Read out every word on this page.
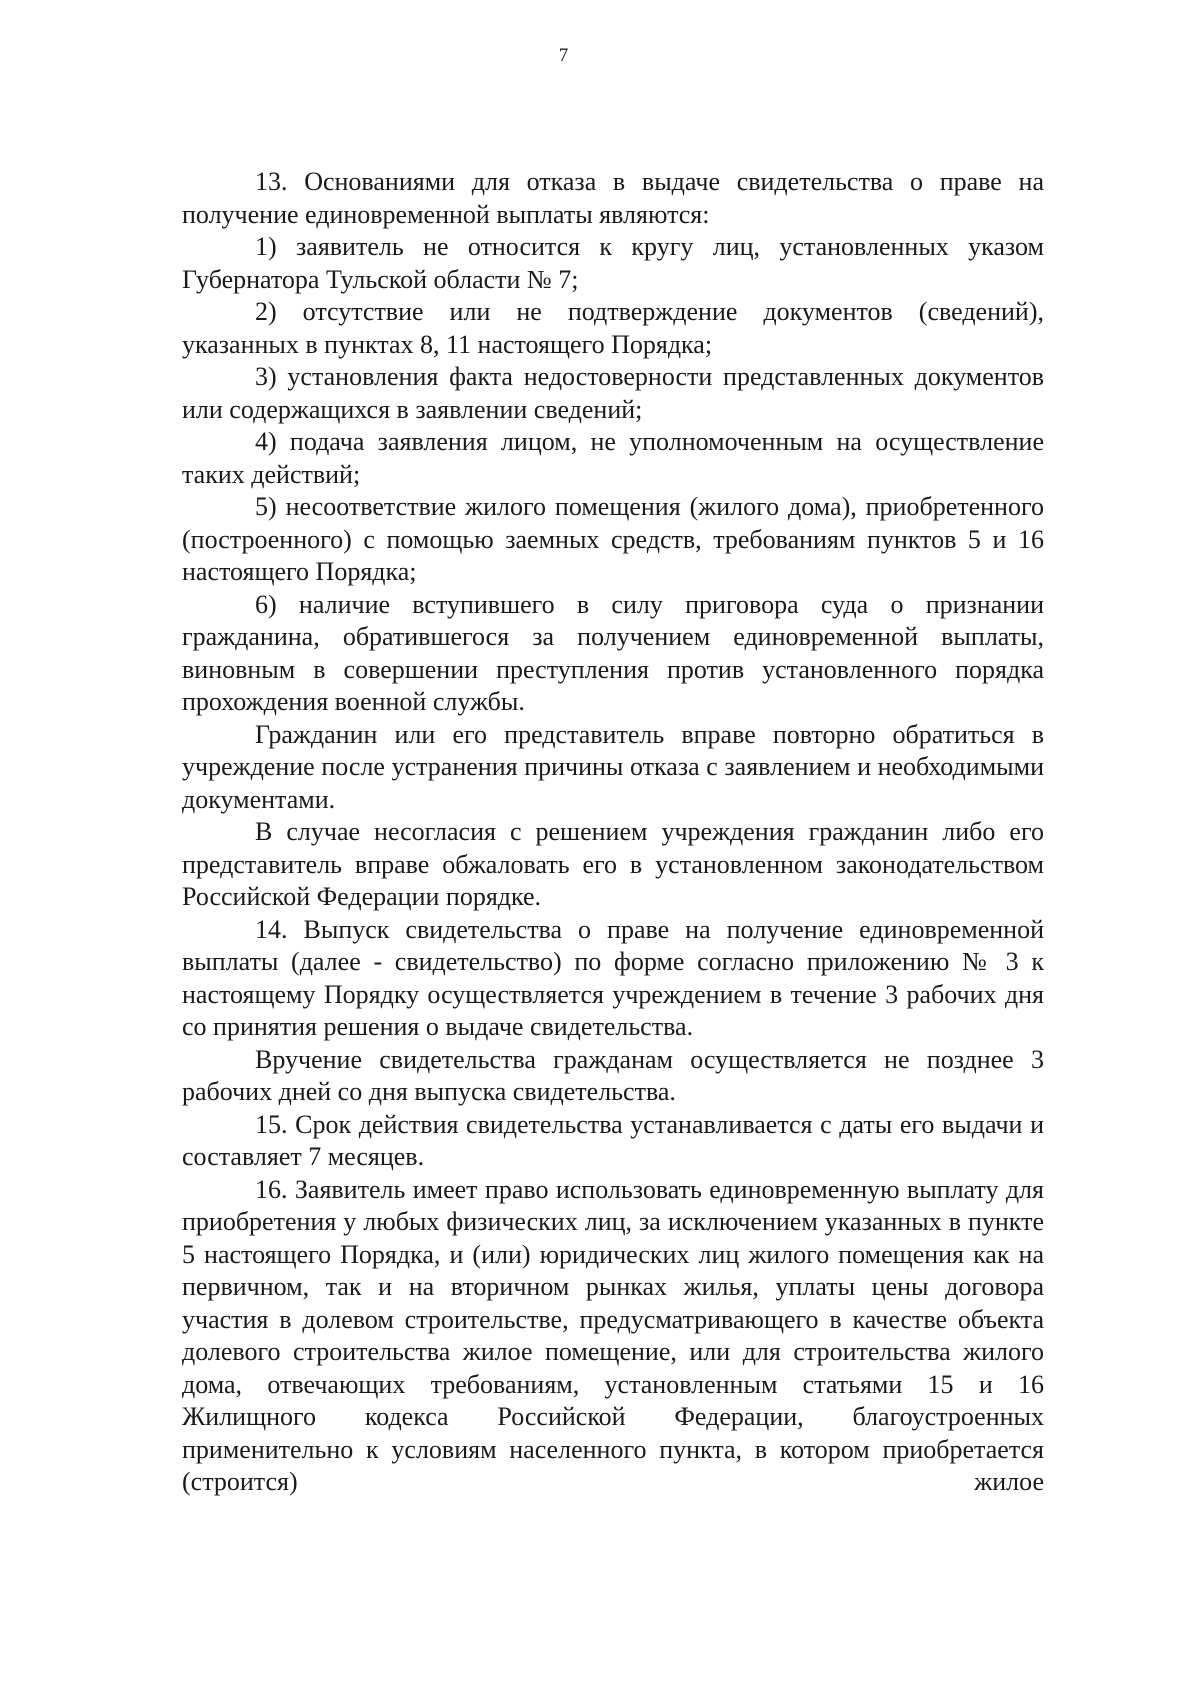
7

13. Основаниями для отказа в выдаче свидетельства о праве на получение единовременной выплаты являются:

1) заявитель не относится к кругу лиц, установленных указом Губернатора Тульской области № 7;

2) отсутствие или не подтверждение документов (сведений), указанных в пунктах 8, 11 настоящего Порядка;

3) установления факта недостоверности представленных документов или содержащихся в заявлении сведений;

4) подача заявления лицом, не уполномоченным на осуществление таких действий;

5) несоответствие жилого помещения (жилого дома), приобретенного (построенного) с помощью заемных средств, требованиям пунктов 5 и 16 настоящего Порядка;

6) наличие вступившего в силу приговора суда о признании гражданина, обратившегося за получением единовременной выплаты, виновным в совершении преступления против установленного порядка прохождения военной службы.

Гражданин или его представитель вправе повторно обратиться в учреждение после устранения причины отказа с заявлением и необходимыми документами.

В случае несогласия с решением учреждения гражданин либо его представитель вправе обжаловать его в установленном законодательством Российской Федерации порядке.

14. Выпуск свидетельства о праве на получение единовременной выплаты (далее - свидетельство) по форме согласно приложению № 3 к настоящему Порядку осуществляется учреждением в течение 3 рабочих дня со принятия решения о выдаче свидетельства.

Вручение свидетельства гражданам осуществляется не позднее 3 рабочих дней со дня выпуска свидетельства.

15. Срок действия свидетельства устанавливается с даты его выдачи и составляет 7 месяцев.

16. Заявитель имеет право использовать единовременную выплату для приобретения у любых физических лиц, за исключением указанных в пункте 5 настоящего Порядка, и (или) юридических лиц жилого помещения как на первичном, так и на вторичном рынках жилья, уплаты цены договора участия в долевом строительстве, предусматривающего в качестве объекта долевого строительства жилое помещение, или для строительства жилого дома, отвечающих требованиям, установленным статьями 15 и 16 Жилищного кодекса Российской Федерации, благоустроенных применительно к условиям населенного пункта, в котором приобретается (строится) жилое
